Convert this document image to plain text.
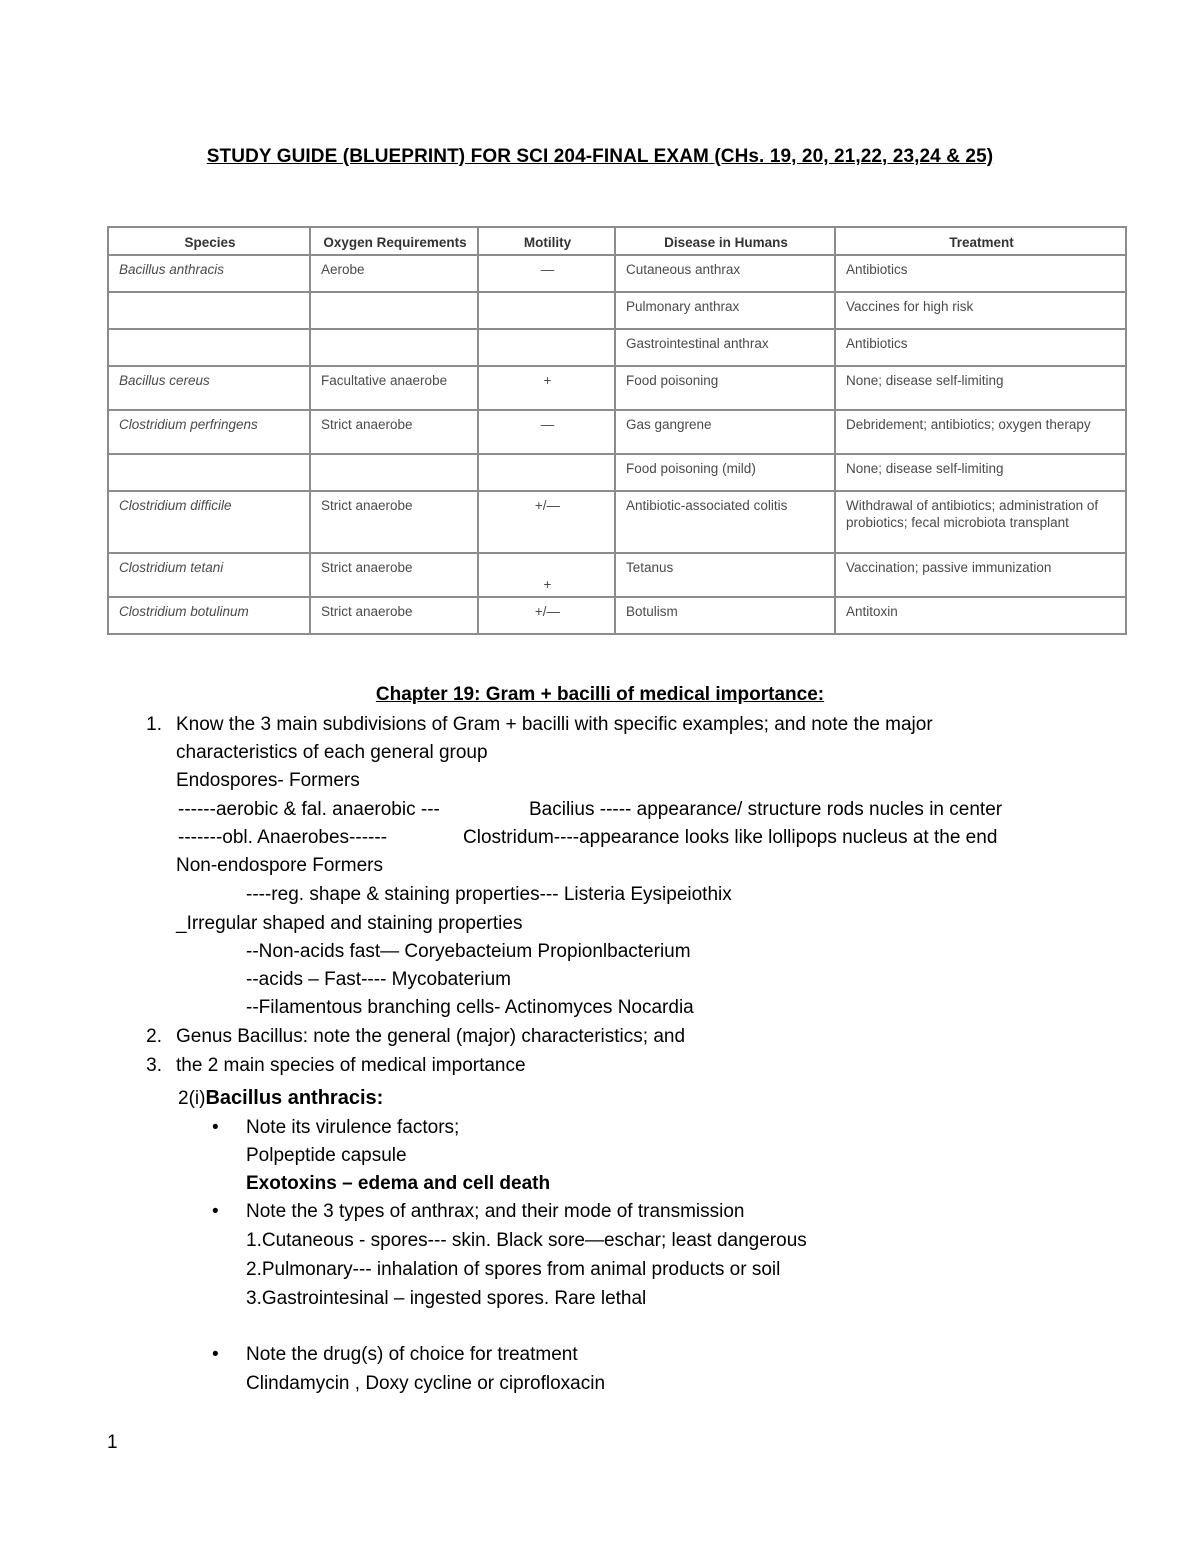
STUDY GUIDE (BLUEPRINT) FOR SCI 204-FINAL EXAM (CHs. 19, 20, 21,22, 23,24 & 25)
Species	Oxygen Requirements	Motility	Disease in Humans	Treatment
Bacillus anthracis	Aerobe	—	Cutaneous anthrax	Antibiotics
			Pulmonary anthrax	Vaccines for high risk
			Gastrointestinal anthrax	Antibiotics
Bacillus cereus	Facultative anaerobe	+	Food poisoning	None; disease self-limiting
Clostridium perfringens	Strict anaerobe	—	Gas gangrene	Debridement; antibiotics; oxygen therapy
			Food poisoning (mild)	None; disease self-limiting
Clostridium difficile	Strict anaerobe	+/—	Antibiotic-associated colitis	Withdrawal of antibiotics; administration of probiotics; fecal microbiota transplant
Clostridium tetani	Strict anaerobe	+	Tetanus	Vaccination; passive immunization
Clostridium botulinum	Strict anaerobe	+/—	Botulism	Antitoxin
Chapter 19: Gram + bacilli of medical importance:
1. Know the 3 main subdivisions of Gram + bacilli with specific examples; and note the major
characteristics of each general group
Endospores- Formers
------aerobic & fal. anaerobic ---	Bacilius ----- appearance/ structure rods nucles in center
-------obl. Anaerobes------	Clostridum----appearance looks like lollipops nucleus at the end
Non-endospore Formers
----reg. shape & staining properties--- Listeria Eysipeiothix
_Irregular shaped and staining properties
--Non-acids fast— Coryebacteium Propionlbacterium
--acids – Fast---- Mycobaterium
--Filamentous branching cells- Actinomyces Nocardia
2. Genus Bacillus: note the general (major) characteristics; and
3. the 2 main species of medical importance
2(i)Bacillus anthracis:
• Note its virulence factors;
Polpeptide capsule
Exotoxins – edema and cell death
• Note the 3 types of anthrax; and their mode of transmission
1.Cutaneous - spores--- skin. Black sore—eschar; least dangerous
2.Pulmonary--- inhalation of spores from animal products or soil
3.Gastrointesinal – ingested spores. Rare lethal
• Note the drug(s) of choice for treatment
Clindamycin , Doxy cycline or ciprofloxacin
1
